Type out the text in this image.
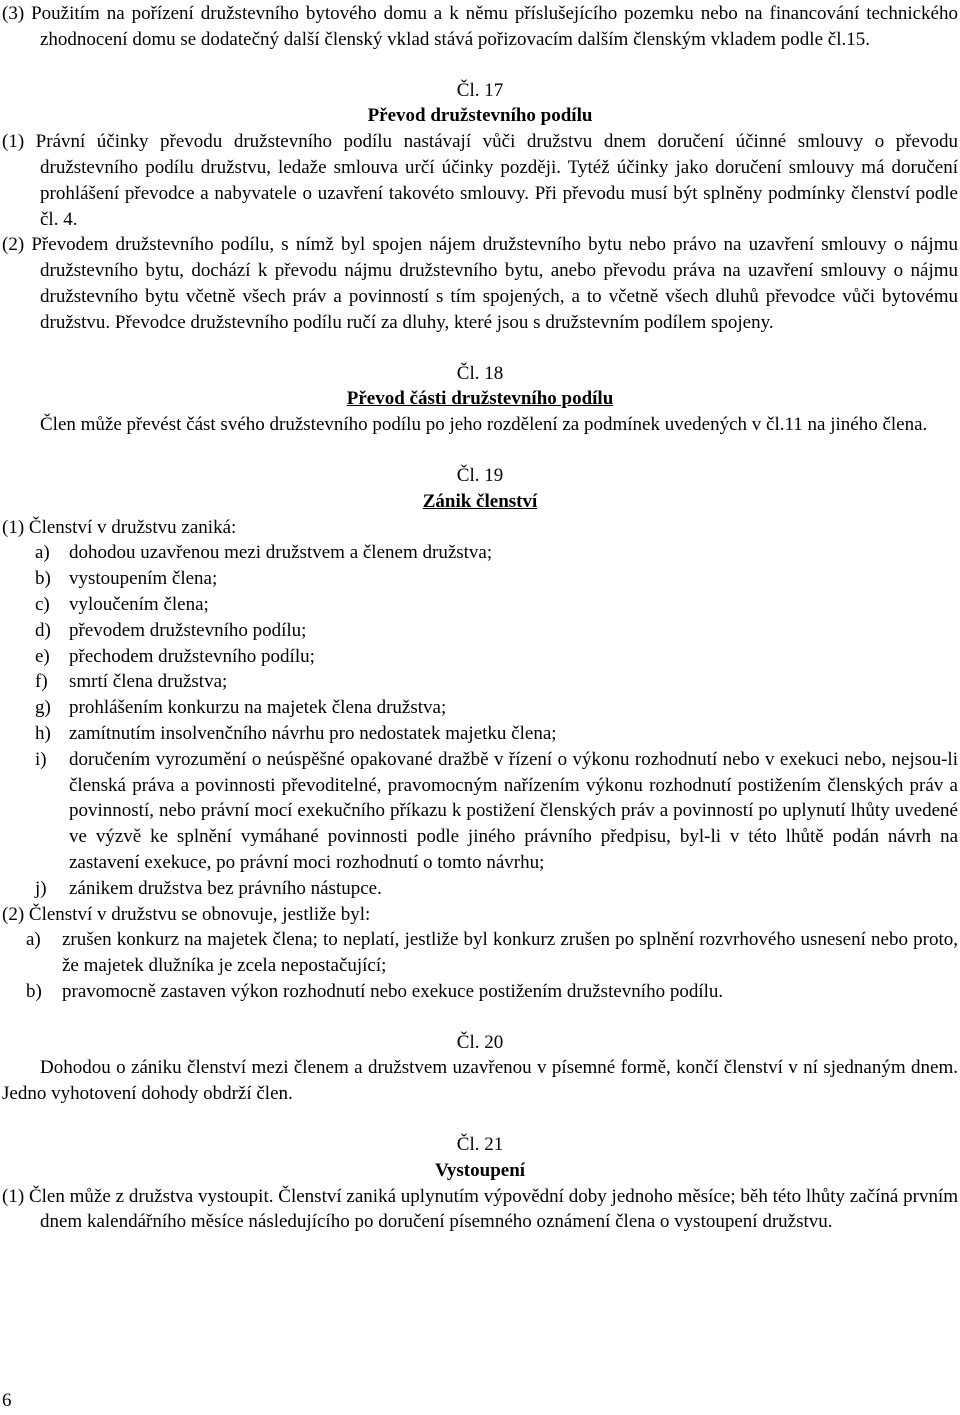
(3) Použitím na pořízení družstevního bytového domu a k němu příslušejícího pozemku nebo na financování technického zhodnocení domu se dodatečný další členský vklad stává pořizovacím dalším členským vkladem podle čl.15.

Čl. 17

Převod družstevního podílu

(1) Právní účinky převodu družstevního podílu nastávají vůči družstvu dnem doručení účinné smlouvy o převodu družstevního podílu družstvu, ledaže smlouva určí účinky později. Tytéž účinky jako doručení smlouvy má doručení prohlášení převodce a nabyvatele o uzavření takovéto smlouvy. Při převodu musí být splněny podmínky členství podle čl. 4.

(2) Převodem družstevního podílu, s nímž byl spojen nájem družstevního bytu nebo právo na uzavření smlouvy o nájmu družstevního bytu, dochází k převodu nájmu družstevního bytu, anebo převodu práva na uzavření smlouvy o nájmu družstevního bytu včetně všech práv a povinností s tím spojených, a to včetně všech dluhů převodce vůči bytovému družstvu. Převodce družstevního podílu ručí za dluhy, které jsou s družstevním podílem spojeny.

Čl. 18

Převod části družstevního podílu

Člen může převést část svého družstevního podílu po jeho rozdělení za podmínek uvedených v čl.11 na jiného člena.

Čl. 19

Zánik členství

(1) Členství v družstvu zaniká:

a) dohodou uzavřenou mezi družstvem a členem družstva;
b) vystoupením člena;
c) vyloučením člena;
d) převodem družstevního podílu;
e) přechodem družstevního podílu;
f) smrtí člena družstva;
g) prohlášením konkurzu na majetek člena družstva;
h) zamítnutím insolvenčního návrhu pro nedostatek majetku člena;
i) doručením vyrozumění o neúspěšné opakované dražbě v řízení o výkonu rozhodnutí nebo v exekuci nebo, nejsou-li členská práva a povinnosti převoditelné, pravomocným nařízením výkonu rozhodnutí postižením členských práv a povinností, nebo právní mocí exekučního příkazu k postižení členských práv a povinností po uplynutí lhůty uvedené ve výzvě ke splnění vymáhané povinnosti podle jiného právního předpisu, byl-li v této lhůtě podán návrh na zastavení exekuce, po právní moci rozhodnutí o tomto návrhu;
j) zánikem družstva bez právního nástupce.

(2) Členství v družstvu se obnovuje, jestliže byl:

a) zrušen konkurz na majetek člena; to neplatí, jestliže byl konkurz zrušen po splnění rozvrhového usnesení nebo proto, že majetek dlužníka je zcela nepostačující;
b) pravomocně zastaven výkon rozhodnutí nebo exekuce postižením družstevního podílu.

Čl. 20

Dohodou o zániku členství mezi členem a družstvem uzavřenou v písemné formě, končí členství v ní sjednaným dnem. Jedno vyhotovení dohody obdrží člen.

Čl. 21

Vystoupení

(1) Člen může z družstva vystoupit. Členství zaniká uplynutím výpovědní doby jednoho měsíce; běh této lhůty začíná prvním dnem kalendářního měsíce následujícího po doručení písemného oznámení člena o vystoupení družstvu.

6
